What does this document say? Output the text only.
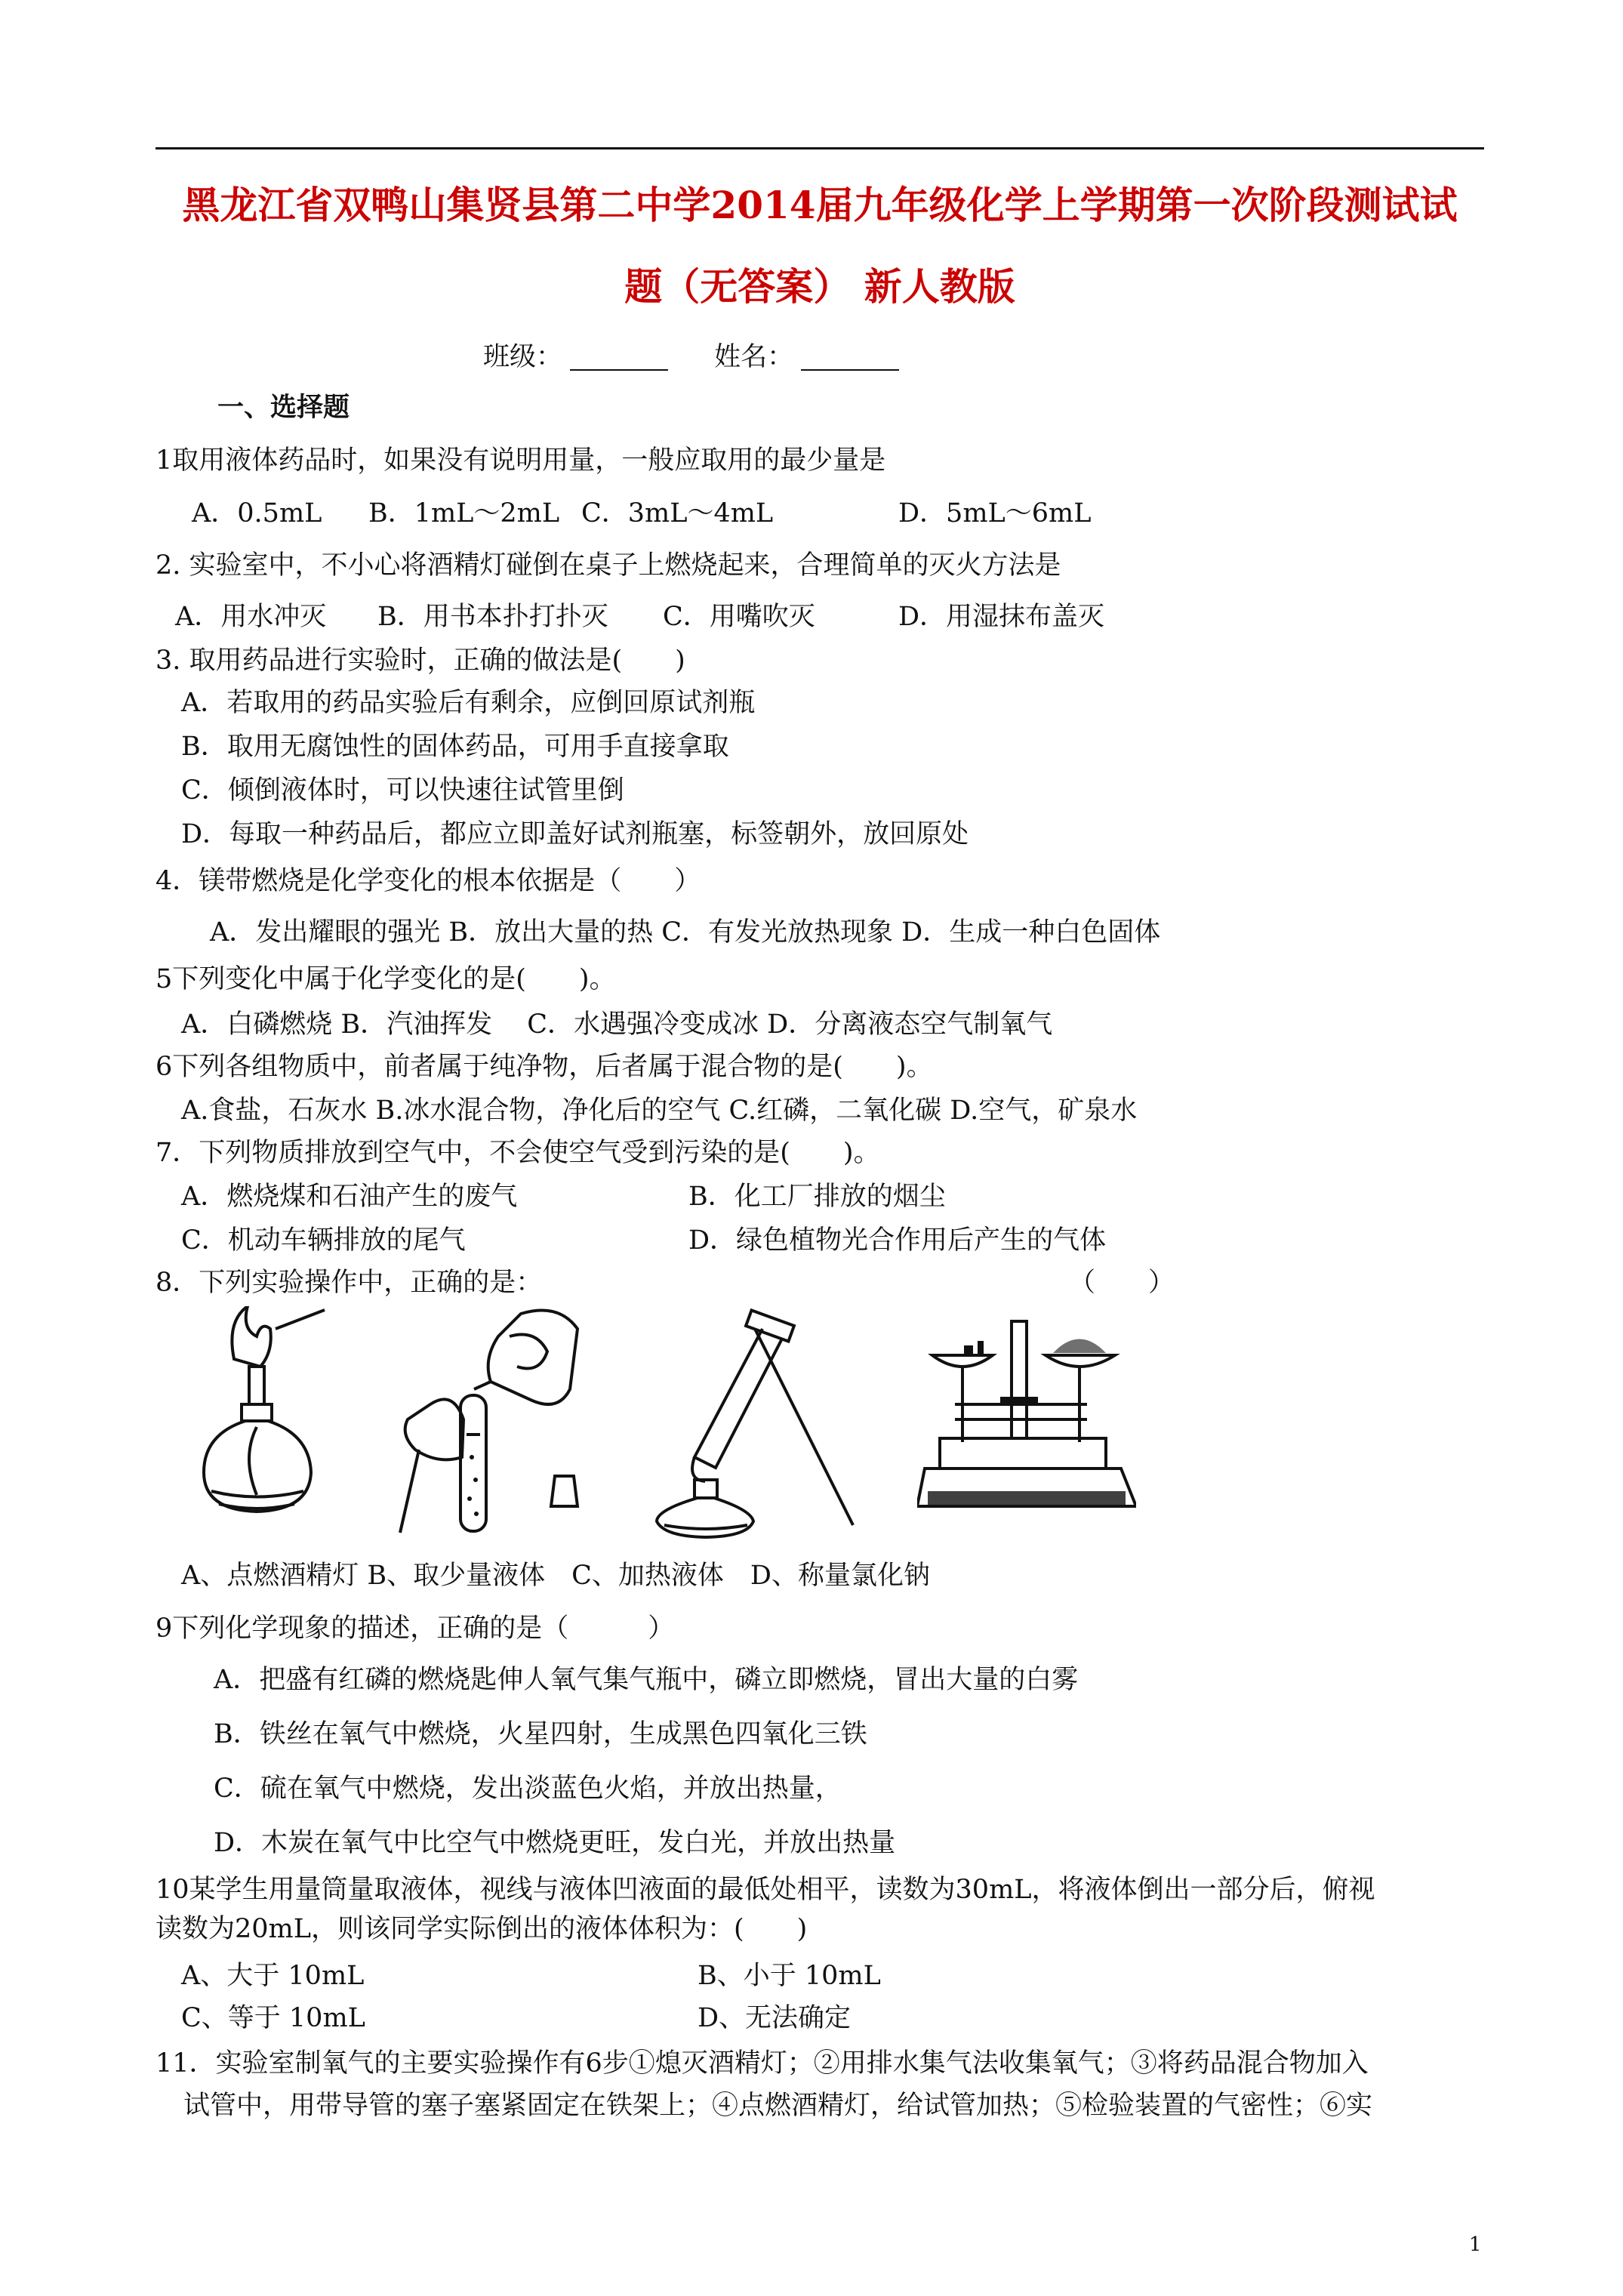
黑龙江省双鸭山集贤县第二中学2014届九年级化学上学期第一次阶段测试试
题（无答案） 新人教版
班级：	姓名：
一、选择题
1取用液体药品时，如果没有说明用量，一般应取用的最少量是
A．0.5mL B．1mL～2mL C．3mL～4mL	D．5mL～6mL
2. 实验室中，不小心将酒精灯碰倒在桌子上燃烧起来，合理简单的灭火方法是
A．用水冲灭 B．用书本扑打扑灭 C．用嘴吹灭	D．用湿抹布盖灭
3. 取用药品进行实验时，正确的做法是(　　)
A．若取用的药品实验后有剩余，应倒回原试剂瓶
B．取用无腐蚀性的固体药品，可用手直接拿取
C．倾倒液体时，可以快速往试管里倒
D．每取一种药品后，都应立即盖好试剂瓶塞，标签朝外，放回原处
4．镁带燃烧是化学变化的根本依据是（　　）
A．发出耀眼的强光 B．放出大量的热 C．有发光放热现象 D．生成一种白色固体
5下列变化中属于化学变化的是(　　)。
A．白磷燃烧 B．汽油挥发　 C．水遇强冷变成冰 D．分离液态空气制氧气
6下列各组物质中，前者属于纯净物，后者属于混合物的是(　　)。
A.食盐，石灰水 B.冰水混合物，净化后的空气 C.红磷，二氧化碳 D.空气，矿泉水
7．下列物质排放到空气中，不会使空气受到污染的是(　　)。
A．燃烧煤和石油产生的废气	B．化工厂排放的烟尘
C．机动车辆排放的尾气	D．绿色植物光合作用后产生的气体
8．下列实验操作中，正确的是：	（　　）
A、点燃酒精灯 B、取少量液体　C、加热液体　D、称量氯化钠
9下列化学现象的描述，正确的是（　　　）
A．把盛有红磷的燃烧匙伸人氧气集气瓶中，磷立即燃烧，冒出大量的白雾
B．铁丝在氧气中燃烧，火星四射，生成黑色四氧化三铁
C．硫在氧气中燃烧，发出淡蓝色火焰，并放出热量，
D．木炭在氧气中比空气中燃烧更旺，发白光，并放出热量
10某学生用量筒量取液体，视线与液体凹液面的最低处相平，读数为30mL，将液体倒出一部分后，俯视
读数为20mL，则该同学实际倒出的液体体积为：(　　)
A、大于 10mL	B、小于 10mL
C、等于 10mL	D、无法确定
11．实验室制氧气的主要实验操作有6步①熄灭酒精灯；②用排水集气法收集氧气；③将药品混合物加入
试管中，用带导管的塞子塞紧固定在铁架上；④点燃酒精灯，给试管加热；⑤检验装置的气密性；⑥实
1
